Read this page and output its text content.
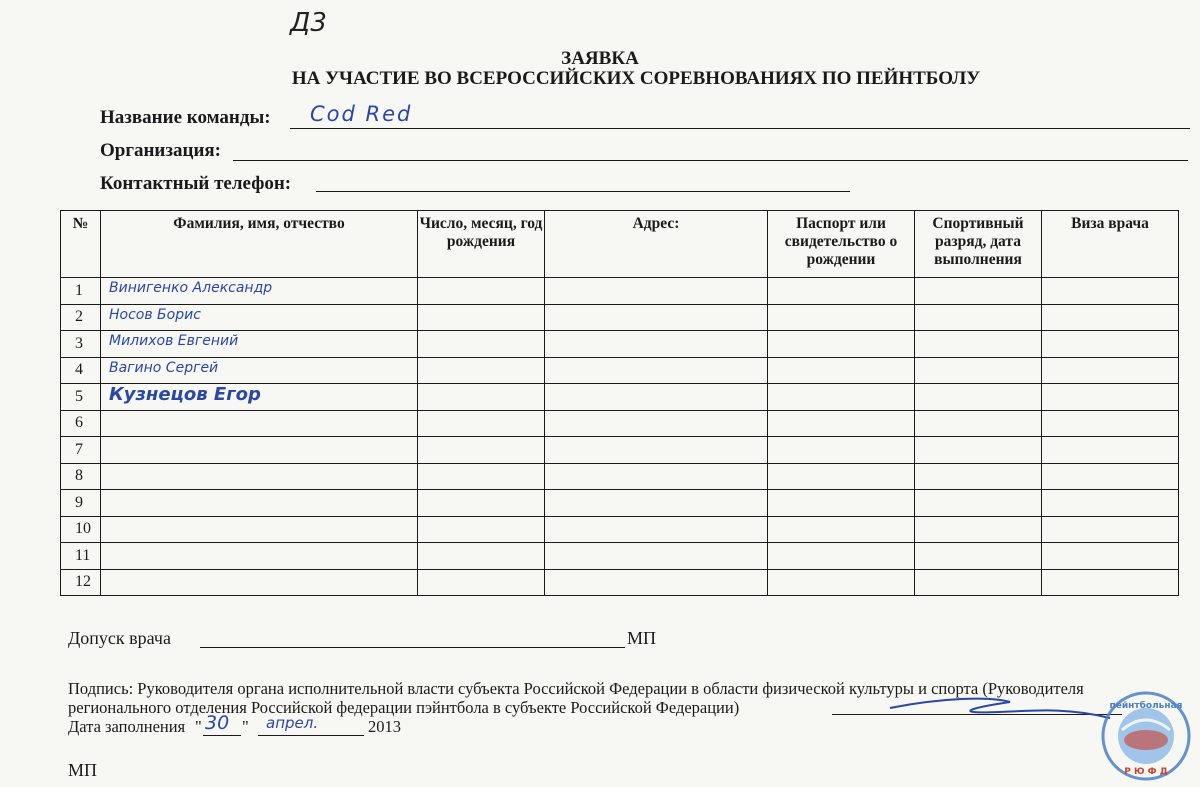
Д3
ЗАЯВКА
НА УЧАСТИЕ ВО ВСЕРОССИЙСКИХ СОРЕВНОВАНИЯХ ПО ПЕЙНТБОЛУ
Название команды: Cod Red
Организация:
Контактный телефон:
№	Фамилия, имя, отчество	Число, месяц, год рождения	Адрес:	Паспорт или свидетельство о рождении	Спортивный разряд, дата выполнения	Виза врача
1	Винигенко Александр					

2	Носов Борис					

3	Милихов Евгений					

4	Вагино Сергей					

5	Кузнецов Егор					

6						
7						
8						
9						
10						
11						
12						
Допуск врача	МП
Подпись: Руководителя органа исполнительной власти субъекта Российской Федерации в области физической культуры и спорта (Руководителя
регионального отделения Российской федерации пэйнтбола в субъекте Российской Федерации)
Дата заполнения " 30 " апрел.	2013
МП
пейнтбольная
Р Ю Ф Д
